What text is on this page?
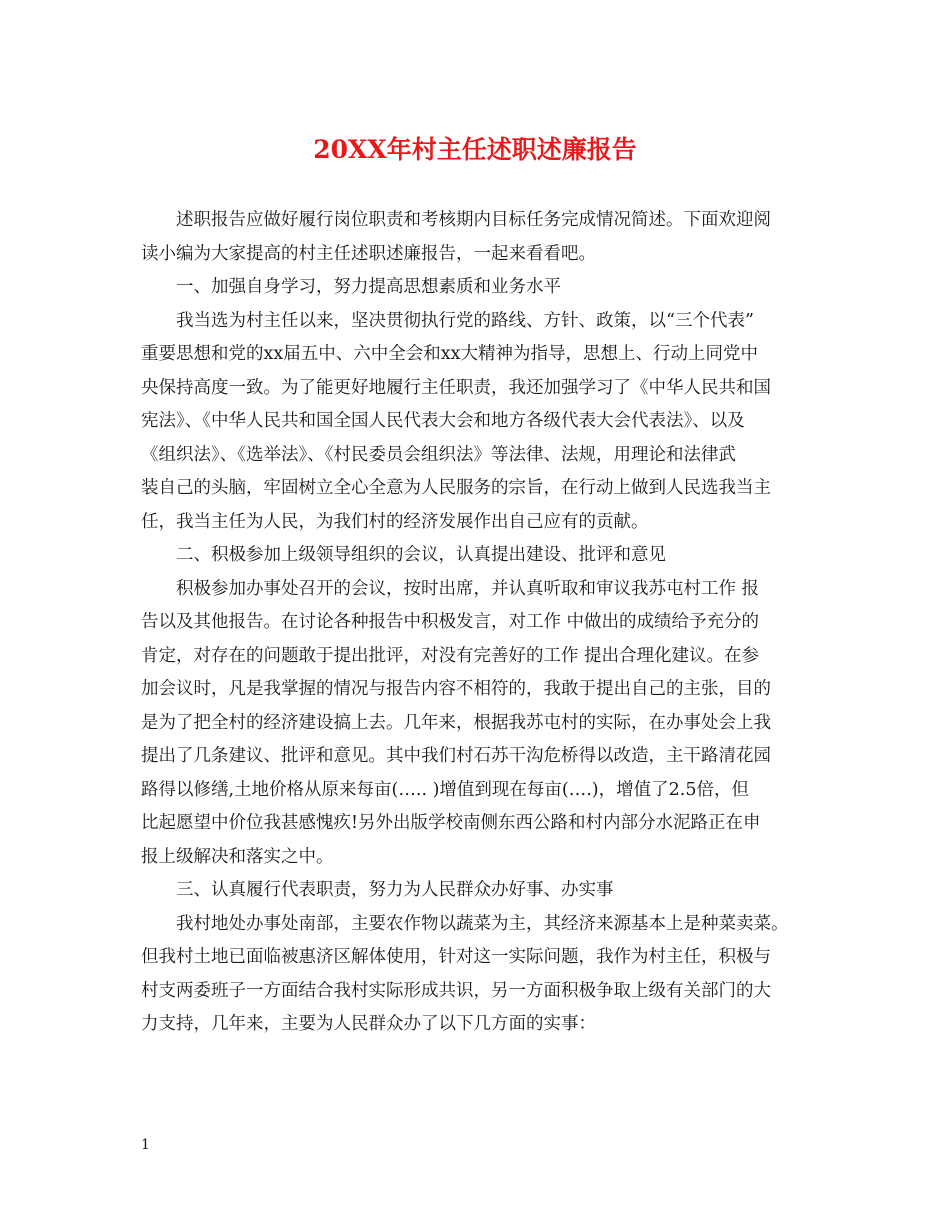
20XX年村主任述职述廉报告
述职报告应做好履行岗位职责和考核期内目标任务完成情况简述。下面欢迎阅
读小编为大家提高的村主任述职述廉报告，一起来看看吧。
一、加强自身学习，努力提高思想素质和业务水平
我当选为村主任以来，坚决贯彻执行党的路线、方针、政策，以“三个代表”
重要思想和党的xx届五中、六中全会和xx大精神为指导，思想上、行动上同党中
央保持高度一致。为了能更好地履行主任职责，我还加强学习了《中华人民共和国
宪法》、《中华人民共和国全国人民代表大会和地方各级代表大会代表法》、以及
《组织法》、《选举法》、《村民委员会组织法》等法律、法规，用理论和法律武
装自己的头脑，牢固树立全心全意为人民服务的宗旨，在行动上做到人民选我当主
任，我当主任为人民，为我们村的经济发展作出自己应有的贡献。
二、积极参加上级领导组织的会议，认真提出建设、批评和意见
积极参加办事处召开的会议，按时出席，并认真听取和审议我苏屯村工作 报
告以及其他报告。在讨论各种报告中积极发言，对工作 中做出的成绩给予充分的
肯定，对存在的问题敢于提出批评，对没有完善好的工作 提出合理化建议。在参
加会议时，凡是我掌握的情况与报告内容不相符的，我敢于提出自己的主张，目的
是为了把全村的经济建设搞上去。几年来，根据我苏屯村的实际，在办事处会上我
提出了几条建议、批评和意见。其中我们村石苏干沟危桥得以改造，主干路清花园
路得以修缮,土地价格从原来每亩(….. )增值到现在每亩(….)，增值了2.5倍，但
比起愿望中价位我甚感愧疚!另外出版学校南侧东西公路和村内部分水泥路正在申
报上级解决和落实之中。
三、认真履行代表职责，努力为人民群众办好事、办实事
我村地处办事处南部，主要农作物以蔬菜为主，其经济来源基本上是种菜卖菜。
但我村土地已面临被惠济区解体使用，针对这一实际问题，我作为村主任，积极与
村支两委班子一方面结合我村实际形成共识，另一方面积极争取上级有关部门的大
力支持，几年来，主要为人民群众办了以下几方面的实事：
1
